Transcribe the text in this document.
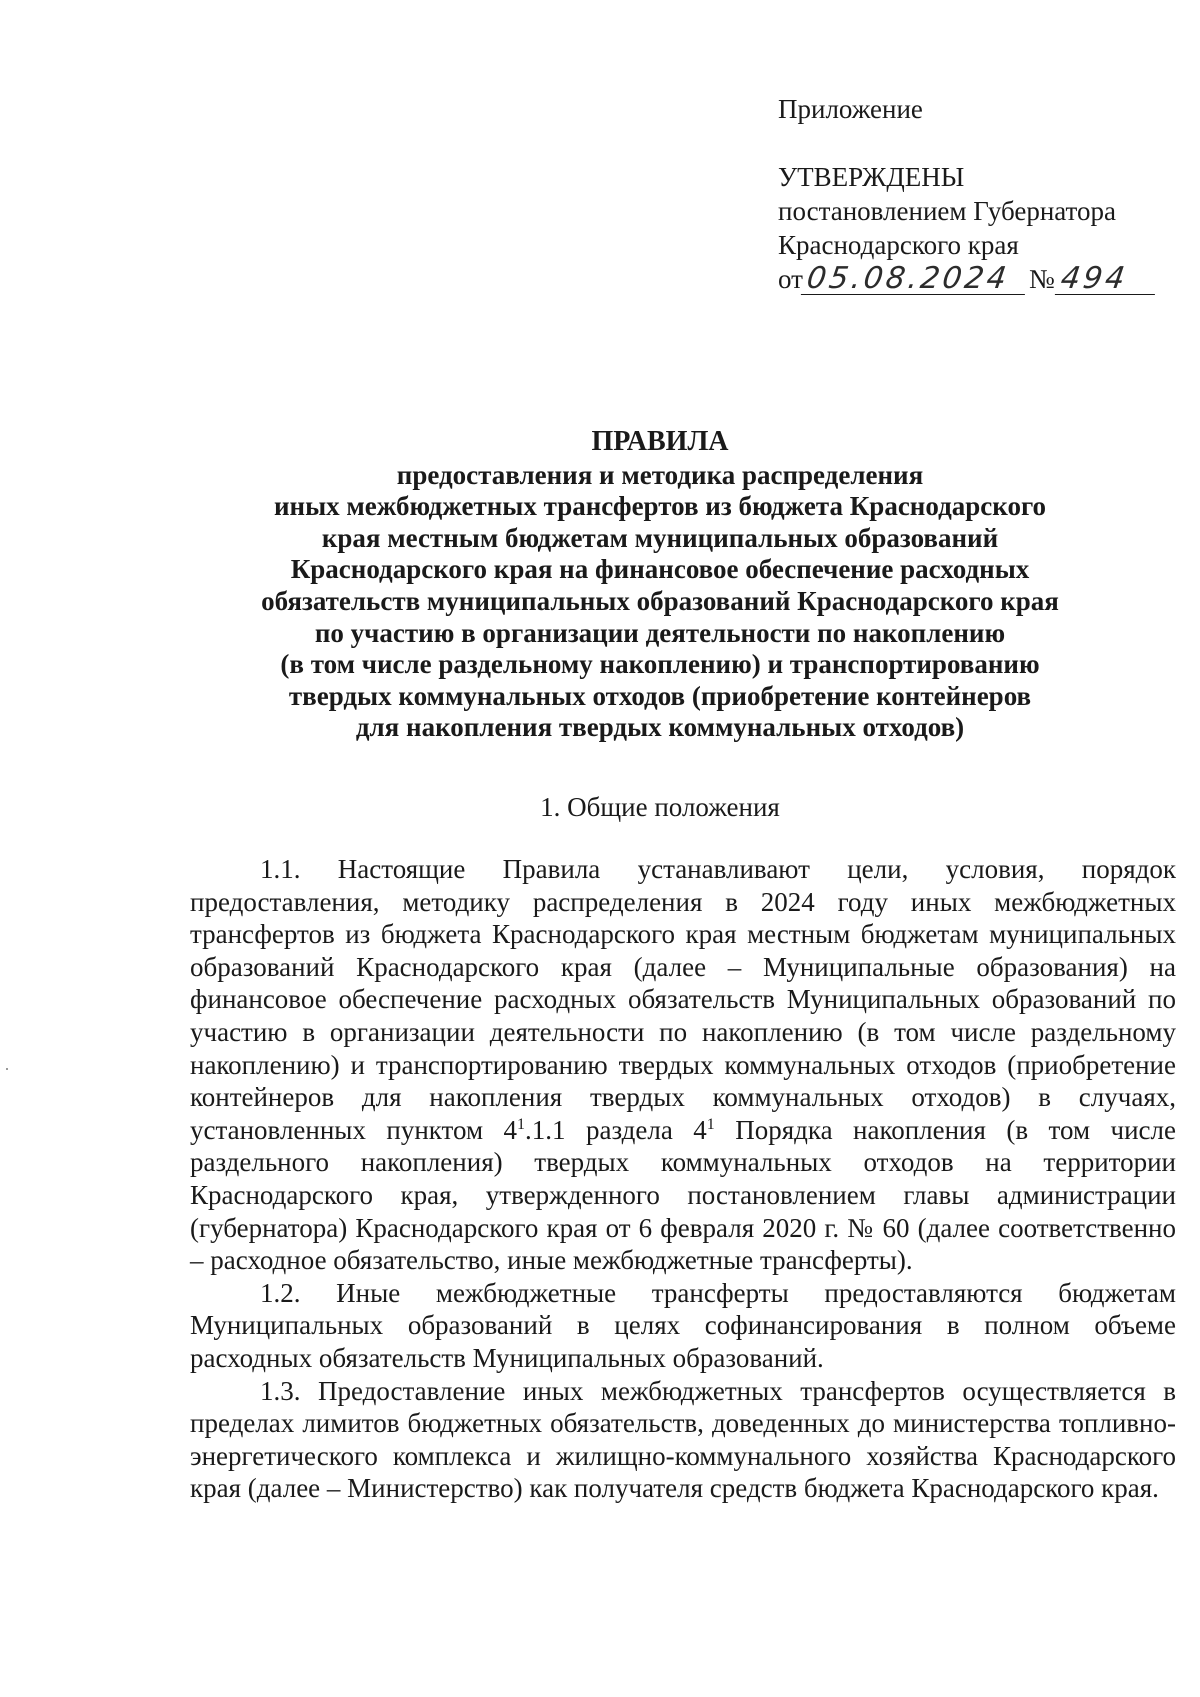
Приложение
УТВЕРЖДЕНЫ
постановлением Губернатора
Краснодарского края
от05.08.2024 № 494
ПРАВИЛА
предоставления и методика распределения
иных межбюджетных трансфертов из бюджета Краснодарского
края местным бюджетам муниципальных образований
Краснодарского края на финансовое обеспечение расходных
обязательств муниципальных образований Краснодарского края
по участию в организации деятельности по накоплению
(в том числе раздельному накоплению) и транспортированию
твердых коммунальных отходов (приобретение контейнеров
для накопления твердых коммунальных отходов)
1. Общие положения

1.1. Настоящие Правила устанавливают цели, условия, порядок предоставления, методику распределения в 2024 году иных межбюджетных трансфертов из бюджета Краснодарского края местным бюджетам муниципальных образований Краснодарского края (далее – Муниципальные образования) на финансовое обеспечение расходных обязательств Муниципальных образований по участию в организации деятельности по накоплению (в том числе раздельному накоплению) и транспортированию твердых коммунальных отходов (приобретение контейнеров для накопления твердых коммунальных отходов) в случаях, установленных пунктом $4^1.1.1$ раздела $4^1$ Порядка накопления (в том числе раздельного накопления) твердых коммунальных отходов на территории Краснодарского края, утвержденного постановлением главы администрации (губернатора) Краснодарского края от 6 февраля 2020 г. № 60 (далее соответственно – расходное обязательство, иные межбюджетные трансферты).

1.2. Иные межбюджетные трансферты предоставляются бюджетам Муниципальных образований в целях софинансирования в полном объеме расходных обязательств Муниципальных образований.

1.3. Предоставление иных межбюджетных трансфертов осуществляется в пределах лимитов бюджетных обязательств, доведенных до министерства топливно-энергетического комплекса и жилищно-коммунального хозяйства Краснодарского края (далее – Министерство) как получателя средств бюджета Краснодарского края.
